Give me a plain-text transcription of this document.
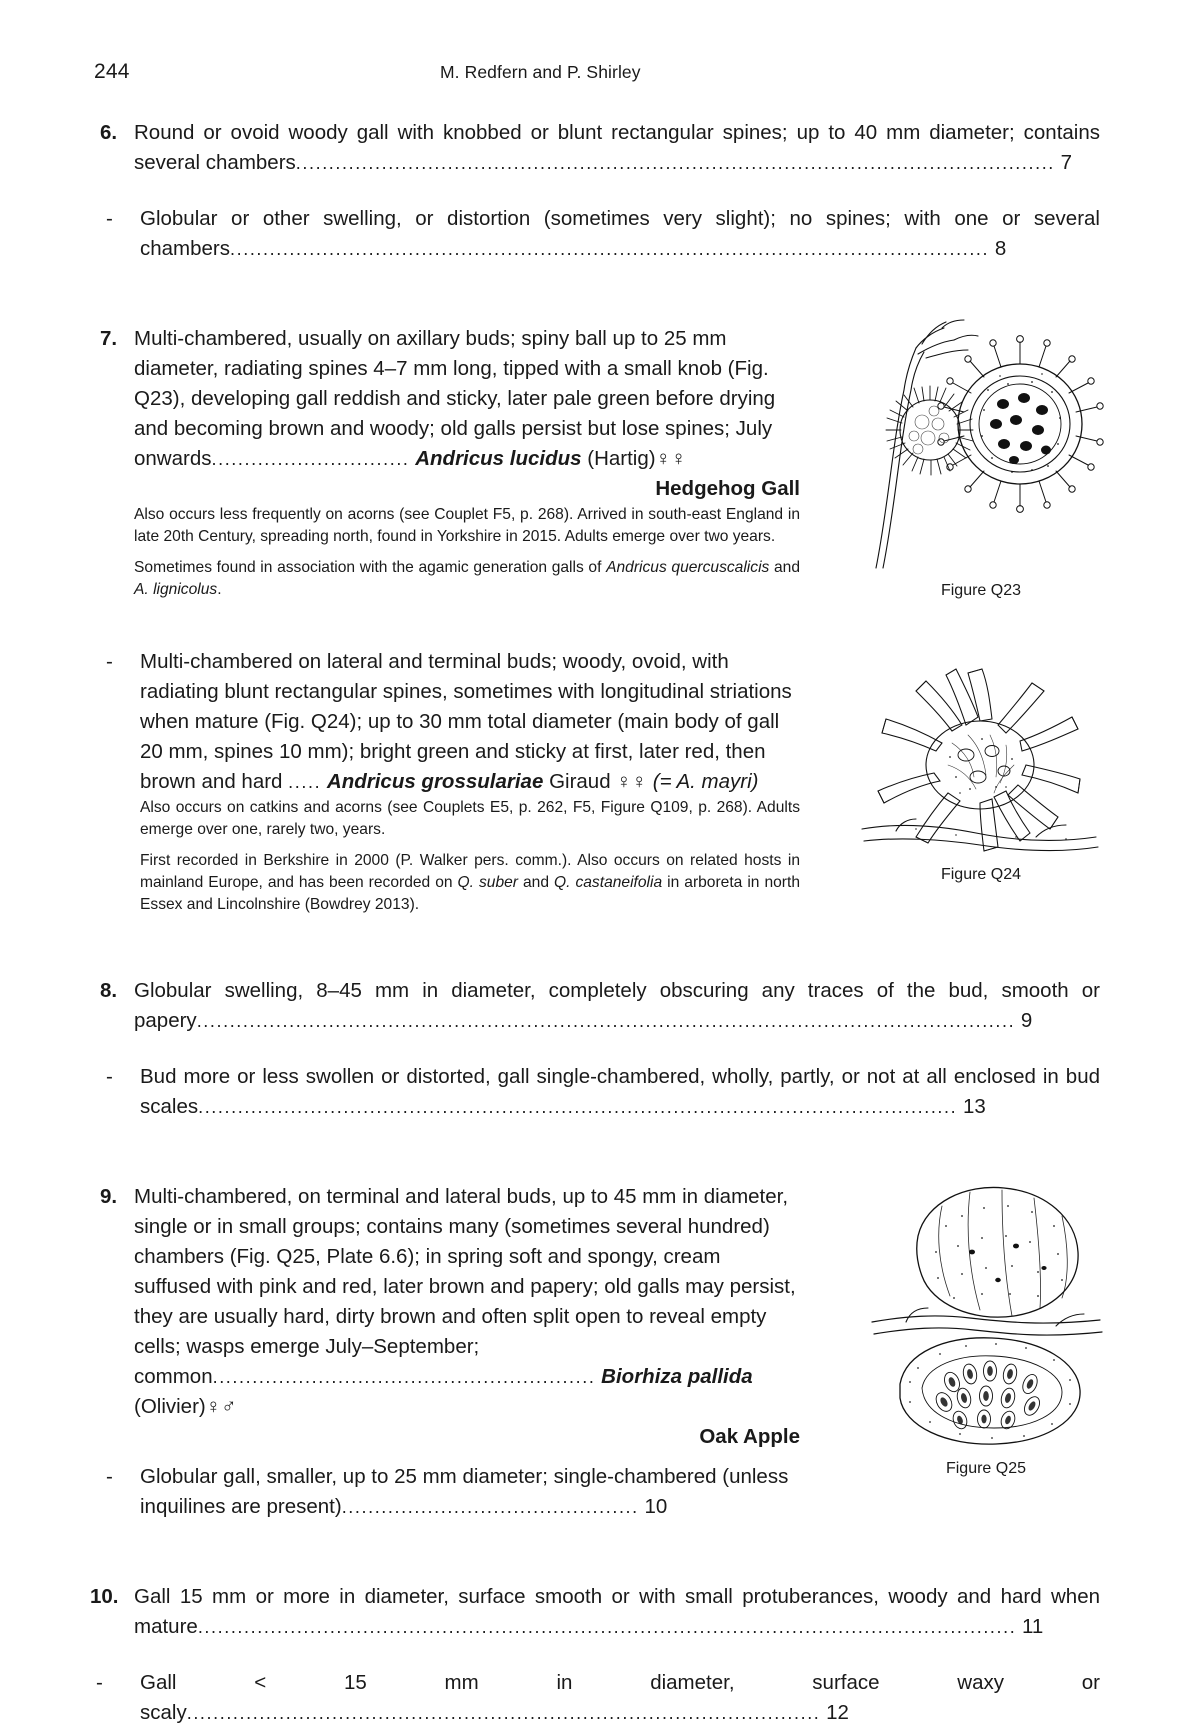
244	M. Redfern and P. Shirley
6. Round or ovoid woody gall with knobbed or blunt rectangular spines; up to 40 mm diameter; contains several chambers................................................................................................................... 7

-	Globular or other swelling, or distortion (sometimes very slight); no spines; with one or several chambers................................................................................................................... 8

7. Multi-chambered, usually on axillary buds; spiny ball up to 25 mm diameter, radiating spines 4–7 mm long, tipped with a small knob (Fig. Q23), developing gall reddish and sticky, later pale green before drying and becoming brown and woody; old galls persist but lose spines; July onwards.............................. Andricus lucidus (Hartig)♀♀

Hedgehog Gall

Also occurs less frequently on acorns (see Couplet F5, p. 268). Arrived in south-east England in late 20th Century, spreading north, found in Yorkshire in 2015. Adults emerge over two years.

Sometimes found in association with the agamic generation galls of Andricus quercuscalicis and A. lignicolus.	Figure Q23
-	Multi-chambered on lateral and terminal buds; woody, ovoid, with radiating blunt rectangular spines, sometimes with longitudinal striations when mature (Fig. Q24); up to 30 mm total diameter (main body of gall 20 mm, spines 10 mm); bright green and sticky at first, later red, then brown and hard ..... Andricus grossulariae Giraud ♀♀ (= A. mayri)

Also occurs on catkins and acorns (see Couplets E5, p. 262, F5, Figure Q109, p. 268). Adults emerge over one, rarely two, years.

First recorded in Berkshire in 2000 (P. Walker pers. comm.). Also occurs on related hosts in mainland Europe, and has been recorded on Q. suber and Q. castaneifolia in arboreta in north Essex and Lincolnshire (Bowdrey 2013).

Figure Q24
8. Globular swelling, 8–45 mm in diameter, completely obscuring any traces of the bud, smooth or papery............................................................................................................................ 9

-	Bud more or less swollen or distorted, gall single-chambered, wholly, partly, or not at all enclosed in bud scales................................................................................................................... 13

9. Multi-chambered, on terminal and lateral buds, up to 45 mm in diameter, single or in small groups; contains many (sometimes several hundred) chambers (Fig. Q25, Plate 6.6); in spring soft and spongy, cream suffused with pink and red, later brown and papery; old galls may persist, they are usually hard, dirty brown and often split open to reveal empty cells; wasps emerge July–September; common.......................................................... Biorhiza pallida (Olivier)♀♂

Oak Apple
-	Globular gall, smaller, up to 25 mm diameter; single-chambered (unless inquilines are present)............................................. 10

Figure Q25
10. Gall 15 mm or more in diameter, surface smooth or with small protuberances, woody and hard when mature............................................................................................................................ 11

-	Gall < 15 mm in diameter, surface waxy or scaly................................................................................................ 12
